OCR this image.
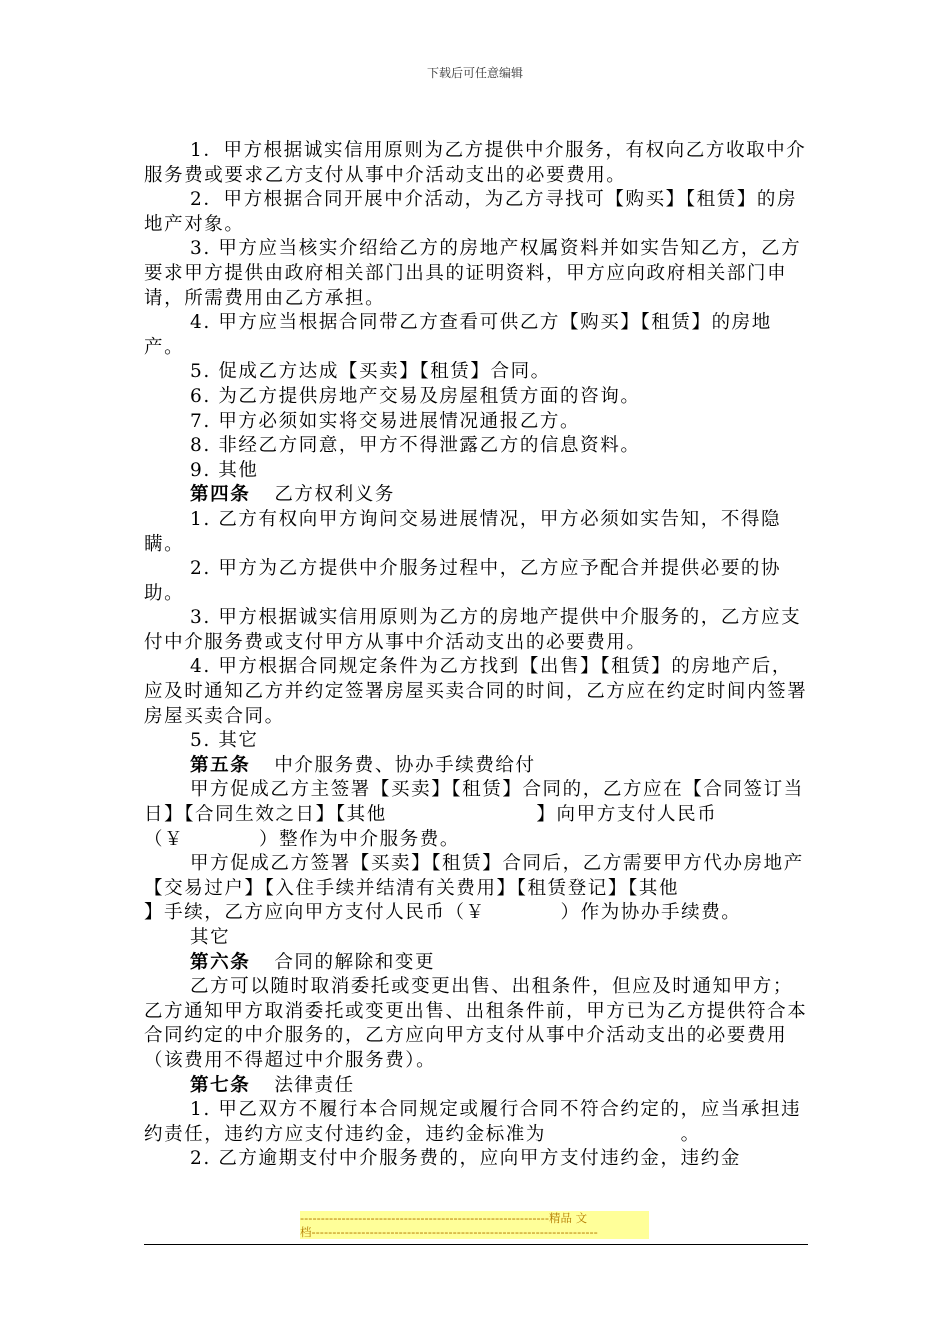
下载后可任意编辑

1．甲方根据诚实信用原则为乙方提供中介服务，有权向乙方收取中介服务费或要求乙方支付从事中介活动支出的必要费用。

2．甲方根据合同开展中介活动，为乙方寻找可【购买】【租赁】的房地产对象。

3. 甲方应当核实介绍给乙方的房地产权属资料并如实告知乙方，乙方要求甲方提供由政府相关部门出具的证明资料，甲方应向政府相关部门申请，所需费用由乙方承担。

4. 甲方应当根据合同带乙方查看可供乙方【购买】【租赁】的房地产。

5. 促成乙方达成【买卖】【租赁】合同。

6. 为乙方提供房地产交易及房屋租赁方面的咨询。

7. 甲方必须如实将交易进展情况通报乙方。

8. 非经乙方同意，甲方不得泄露乙方的信息资料。

9. 其他

第四条 乙方权利义务

1. 乙方有权向甲方询问交易进展情况，甲方必须如实告知，不得隐瞒。

2. 甲方为乙方提供中介服务过程中，乙方应予配合并提供必要的协助。

3. 甲方根据诚实信用原则为乙方的房地产提供中介服务的，乙方应支付中介服务费或支付甲方从事中介活动支出的必要费用。

4. 甲方根据合同规定条件为乙方找到【出售】【租赁】的房地产后，应及时通知乙方并约定签署房屋买卖合同的时间，乙方应在约定时间内签署房屋买卖合同。

5. 其它

第五条 中介服务费、协办手续费给付

甲方促成乙方主签署【买卖】【租赁】合同的，乙方应在【合同签订当日】【合同生效之日】【其他                    】向甲方支付人民币                     （￥          ）整作为中介服务费。

甲方促成乙方签署【买卖】【租赁】合同后，乙方需要甲方代办房地产【交易过户】【入住手续并结清有关费用】【租赁登记】【其他                    】手续，乙方应向甲方支付人民币（￥          ）作为协办手续费。

其它

第六条 合同的解除和变更

乙方可以随时取消委托或变更出售、出租条件，但应及时通知甲方；乙方通知甲方取消委托或变更出售、出租条件前，甲方已为乙方提供符合本合同约定的中介服务的，乙方应向甲方支付从事中介活动支出的必要费用（该费用不得超过中介服务费）。

第七条 法律责任

1. 甲乙双方不履行本合同规定或履行合同不符合约定的，应当承担违约责任，违约方应支付违约金，违约金标准为                  。

2. 乙方逾期支付中介服务费的，应向甲方支付违约金，违约金

------------------------------------------------------------精品 文
档---------------------------------------------------------------------
